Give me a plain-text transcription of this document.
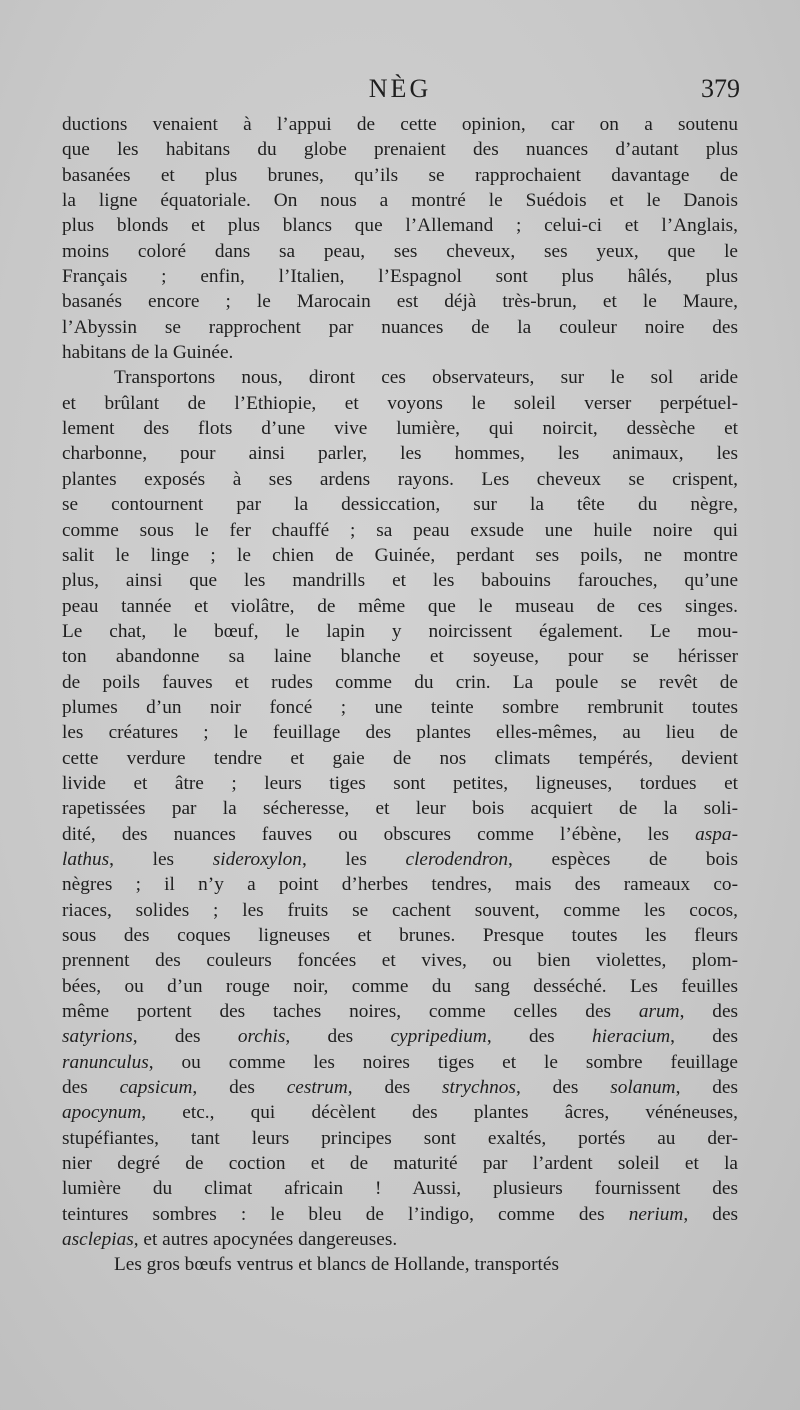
NÈG	379
ductions venaient à l’appui de cette opinion, car on a soutenu
que les habitans du globe prenaient des nuances d’autant plus
basanées et plus brunes, qu’ils se rapprochaient davantage de
la ligne équatoriale. On nous a montré le Suédois et le Danois
plus blonds et plus blancs que l’Allemand ; celui-ci et l’Anglais,
moins coloré dans sa peau, ses cheveux, ses yeux, que le
Français ; enfin, l’Italien, l’Espagnol sont plus hâlés, plus
basanés encore ; le Marocain est déjà très-brun, et le Maure,
l’Abyssin se rapprochent par nuances de la couleur noire des
habitans de la Guinée.
Transportons nous, diront ces observateurs, sur le sol aride
et brûlant de l’Ethiopie, et voyons le soleil verser perpétuel-
lement des flots d’une vive lumière, qui noircit, dessèche et
charbonne, pour ainsi parler, les hommes, les animaux, les
plantes exposés à ses ardens rayons. Les cheveux se crispent,
se contournent par la dessiccation, sur la tête du nègre,
comme sous le fer chauffé ; sa peau exsude une huile noire qui
salit le linge ; le chien de Guinée, perdant ses poils, ne montre
plus, ainsi que les mandrills et les babouins farouches, qu’une
peau tannée et violâtre, de même que le museau de ces singes.
Le chat, le bœuf, le lapin y noircissent également. Le mou-
ton abandonne sa laine blanche et soyeuse, pour se hérisser
de poils fauves et rudes comme du crin. La poule se revêt de
plumes d’un noir foncé ; une teinte sombre rembrunit toutes
les créatures ; le feuillage des plantes elles-mêmes, au lieu de
cette verdure tendre et gaie de nos climats tempérés, devient
livide et âtre ; leurs tiges sont petites, ligneuses, tordues et
rapetissées par la sécheresse, et leur bois acquiert de la soli-
dité, des nuances fauves ou obscures comme l’ébène, les aspa-
lathus, les sideroxylon, les clerodendron, espèces de bois
nègres ; il n’y a point d’herbes tendres, mais des rameaux co-
riaces, solides ; les fruits se cachent souvent, comme les cocos,
sous des coques ligneuses et brunes. Presque toutes les fleurs
prennent des couleurs foncées et vives, ou bien violettes, plom-
bées, ou d’un rouge noir, comme du sang desséché. Les feuilles
même portent des taches noires, comme celles des arum, des
satyrions, des orchis, des cypripedium, des hieracium, des
ranunculus, ou comme les noires tiges et le sombre feuillage
des capsicum, des cestrum, des strychnos, des solanum, des
apocynum, etc., qui décèlent des plantes âcres, vénéneuses,
stupéfiantes, tant leurs principes sont exaltés, portés au der-
nier degré de coction et de maturité par l’ardent soleil et la
lumière du climat africain ! Aussi, plusieurs fournissent des
teintures sombres : le bleu de l’indigo, comme des nerium, des
asclepias, et autres apocynées dangereuses.
Les gros bœufs ventrus et blancs de Hollande, transportés
